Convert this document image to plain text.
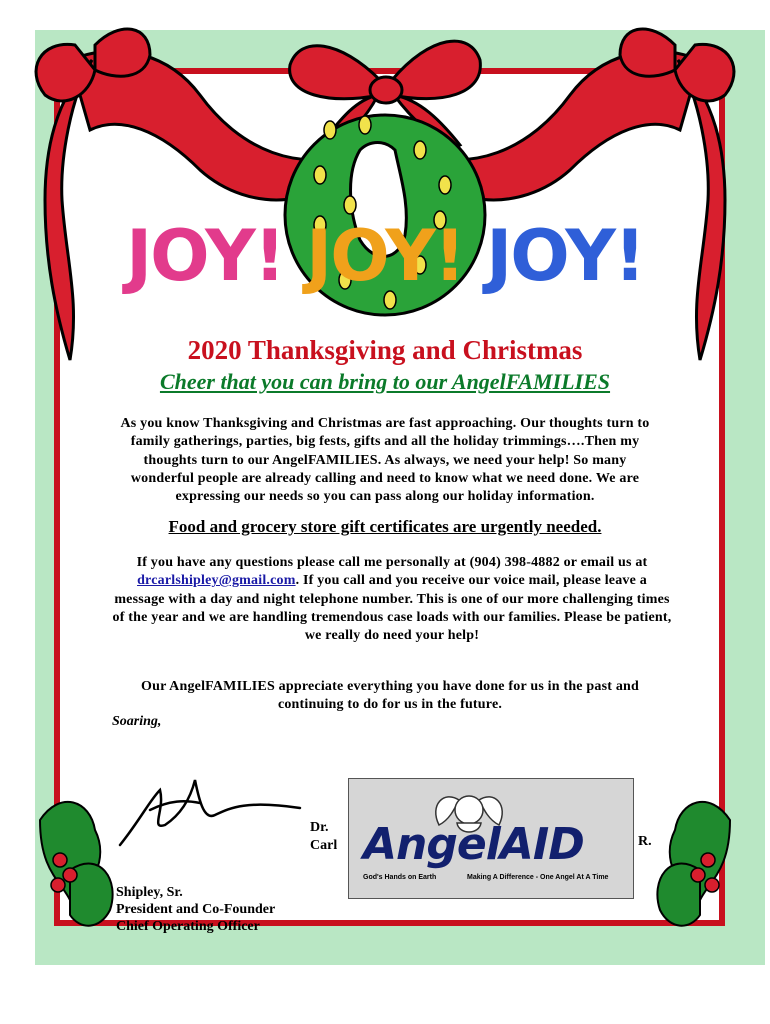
JOY! JOY! JOY!
2020 Thanksgiving and Christmas
Cheer that you can bring to our AngelFAMILIES
As you know Thanksgiving and Christmas are fast approaching. Our thoughts turn to family gatherings, parties, big fests, gifts and all the holiday trimmings….Then my thoughts turn to our AngelFAMILIES. As always, we need your help! So many wonderful people are already calling and need to know what we need done. We are expressing our needs so you can pass along our holiday information.
Food and grocery store gift certificates are urgently needed.
If you have any questions please call me personally at (904) 398-4882 or email us at drcarlshipley@gmail.com. If you call and you receive our voice mail, please leave a message with a day and night telephone number. This is one of our more challenging times of the year and we are handling tremendous case loads with our families. Please be patient, we really do need your help!
Our AngelFAMILIES appreciate everything you have done for us in the past and continuing to do for us in the future.
Soaring,
Dr.
Carl	R.
AngelAID
God's Hands on Earth	Making A Difference - One Angel At A Time
Shipley, Sr.
President and Co-Founder
Chief Operating Officer
